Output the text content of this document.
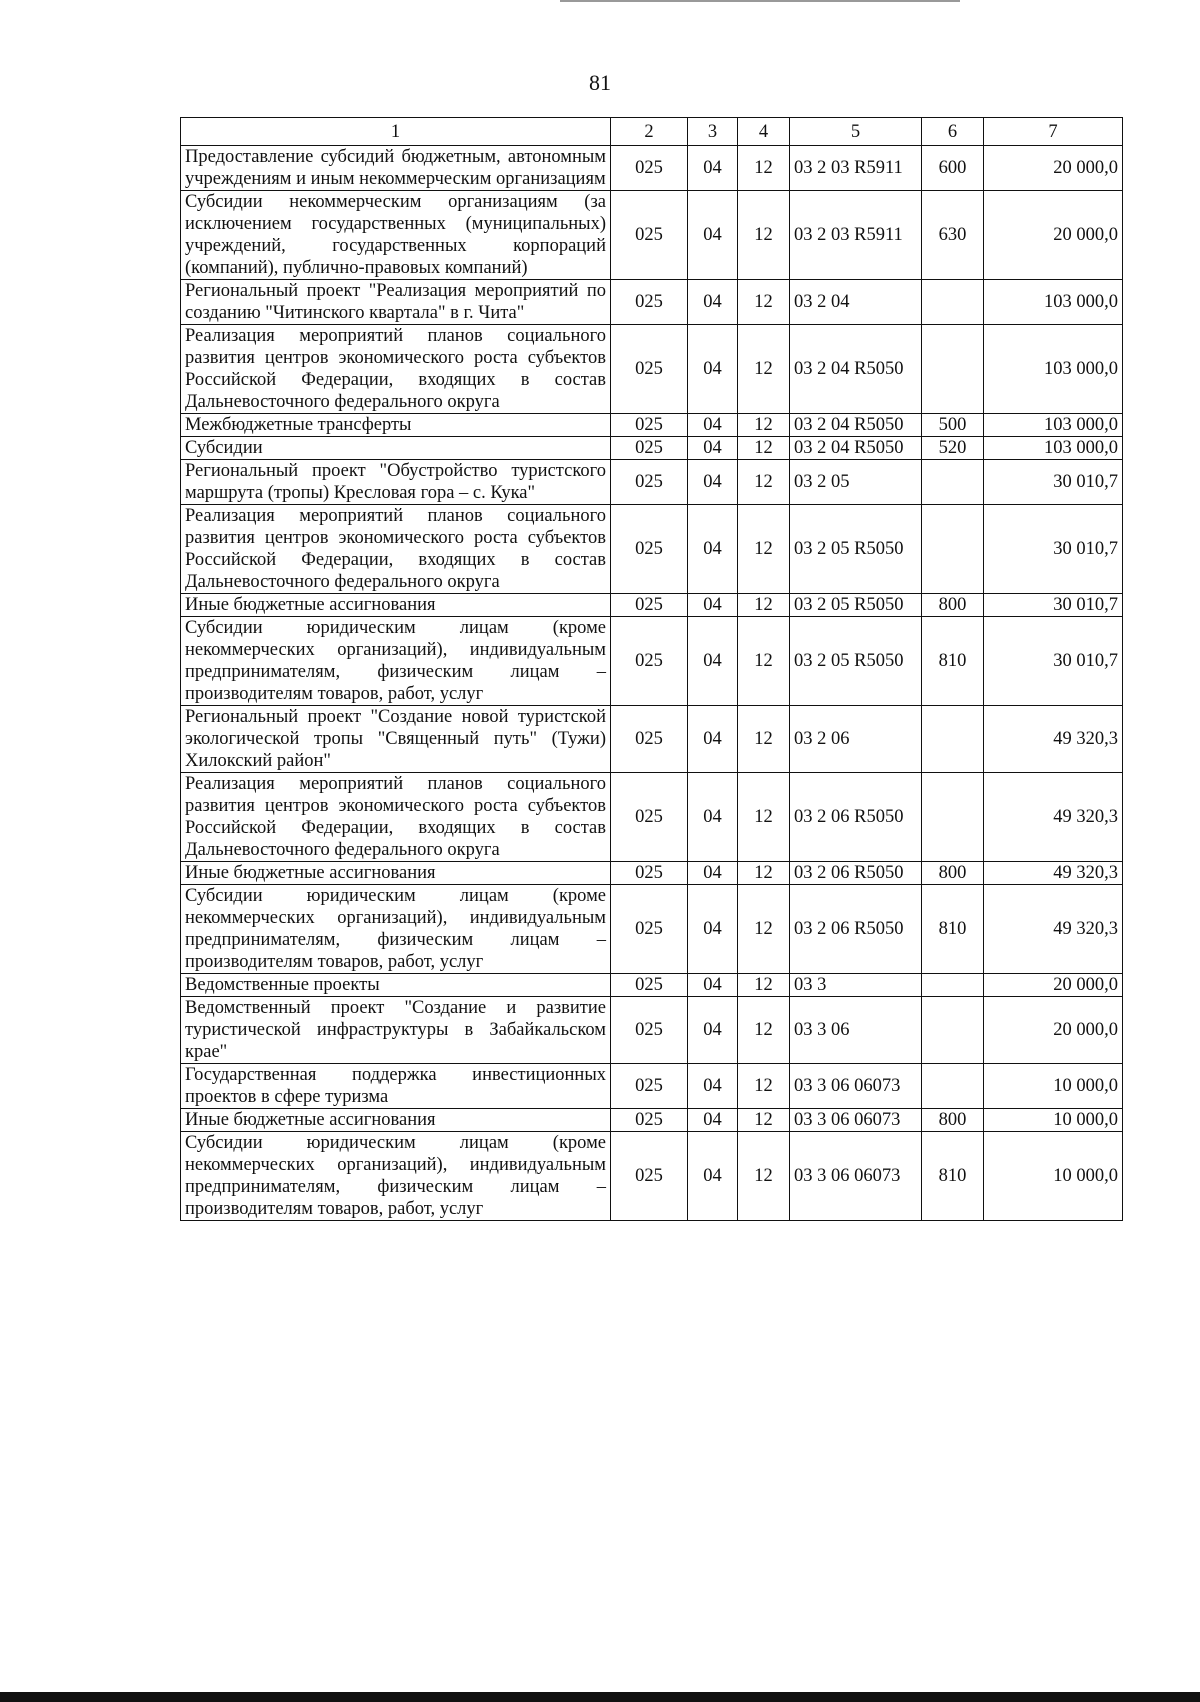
81
1	2	3	4	5	6	7
Предоставление субсидий бюджетным, автономным учреждениям и иным некоммерческим организациям	025	04	12	03 2 03 R5911	600	20 000,0
Субсидии некоммерческим организациям (за исключением государственных (муниципальных) учреждений, государственных корпораций (компаний), публично-правовых компаний)	025	04	12	03 2 03 R5911	630	20 000,0
Региональный проект "Реализация мероприятий по созданию "Читинского квартала" в г. Чита"	025	04	12	03 2 04		103 000,0
Реализация мероприятий планов социального развития центров экономического роста субъектов Российской Федерации, входящих в состав Дальневосточного федерального округа	025	04	12	03 2 04 R5050		103 000,0
Межбюджетные трансферты	025	04	12	03 2 04 R5050	500	103 000,0
Субсидии	025	04	12	03 2 04 R5050	520	103 000,0
Региональный проект "Обустройство туристского маршрута (тропы) Кресловая гора – с. Кука"	025	04	12	03 2 05		30 010,7
Реализация мероприятий планов социального развития центров экономического роста субъектов Российской Федерации, входящих в состав Дальневосточного федерального округа	025	04	12	03 2 05 R5050		30 010,7
Иные бюджетные ассигнования	025	04	12	03 2 05 R5050	800	30 010,7
Субсидии юридическим лицам (кроме некоммерческих организаций), индивидуальным предпринимателям, физическим лицам – производителям товаров, работ, услуг	025	04	12	03 2 05 R5050	810	30 010,7
Региональный проект "Создание новой туристской экологической тропы "Священный путь" (Тужи) Хилокский район"	025	04	12	03 2 06		49 320,3
Реализация мероприятий планов социального развития центров экономического роста субъектов Российской Федерации, входящих в состав Дальневосточного федерального округа	025	04	12	03 2 06 R5050		49 320,3
Иные бюджетные ассигнования	025	04	12	03 2 06 R5050	800	49 320,3
Субсидии юридическим лицам (кроме некоммерческих организаций), индивидуальным предпринимателям, физическим лицам – производителям товаров, работ, услуг	025	04	12	03 2 06 R5050	810	49 320,3
Ведомственные проекты	025	04	12	03 3		20 000,0
Ведомственный проект "Создание и развитие туристической инфраструктуры в Забайкальском крае"	025	04	12	03 3 06		20 000,0
Государственная поддержка инвестиционных проектов в сфере туризма	025	04	12	03 3 06 06073		10 000,0
Иные бюджетные ассигнования	025	04	12	03 3 06 06073	800	10 000,0
Субсидии юридическим лицам (кроме некоммерческих организаций), индивидуальным предпринимателям, физическим лицам – производителям товаров, работ, услуг	025	04	12	03 3 06 06073	810	10 000,0
